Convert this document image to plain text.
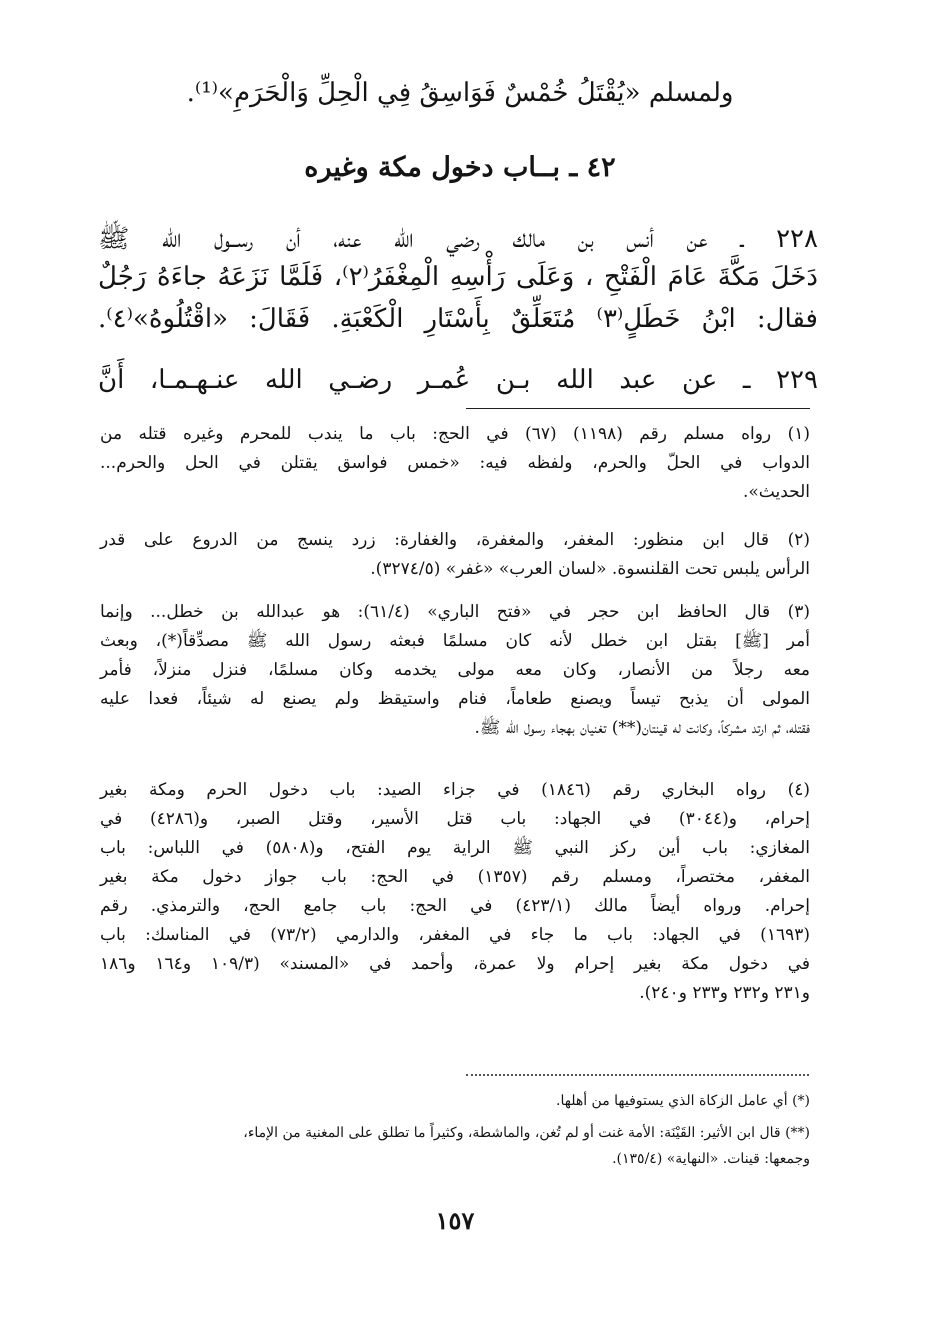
ولمسلم «يُقْتَلُ خُمْسٌ فَوَاسِقُ فِي الْحِلِّ وَالْحَرَمِ»⁽¹⁾.
٤٢ ـ بــاب دخول مكة وغيره
٢٢٨ ـ عن أنس بن مالك رضي الله عنه، أن رســول الله ﷺ
دَخَلَ مَكَّةَ عَامَ الْفَتْحِ ، وَعَلَى رَأْسِهِ الْمِغْفَرُ⁽٢⁾، فَلَمَّا نَزَعَهُ جاءَهُ رَجُلٌ
فقال: ابْنُ خَطَلٍ⁽٣⁾ مُتَعَلِّقٌ بِأَسْتَارِ الْكَعْبَةِ. فَقَالَ: «اقْتُلُوهُ»⁽٤⁾.
٢٢٩ ـ عن عبد الله بـن عُمـر رضـي الله عنـهـمـا، أَنَّ
(١) رواه مسلم رقم (١١٩٨) (٦٧) في الحج: باب ما يندب للمحرم وغيره قتله من
الدواب في الحلّ والحرم، ولفظه فيه: «خمس فواسق يقتلن في الحل والحرم...
الحديث».
(٢) قال ابن منظور: المغفر، والمغفرة، والغفارة: زرد ينسج من الدروع على قدر
الرأس يلبس تحت القلنسوة. «لسان العرب» «غفر» (٣٢٧٤/٥).
(٣) قال الحافظ ابن حجر في «فتح الباري» (٦١/٤): هو عبدالله بن خطل... وإنما
أمر [ﷺ] بقتل ابن خطل لأنه كان مسلمًا فبعثه رسول الله ﷺ مصدِّقاً(*)، وبعث
معه رجلاً من الأنصار، وكان معه مولى يخدمه وكان مسلمًا، فنزل منزلاً، فأمر
المولى أن يذبح تيساً ويصنع طعاماً، فنام واستيقظ ولم يصنع له شيئاً، فعدا عليه
فقتله، ثم ارتد مشركاً، وكانت له قينتان(**) تغنيان بهجاء رسول الله ﷺ.
(٤) رواه البخاري رقم (١٨٤٦) في جزاء الصيد: باب دخول الحرم ومكة بغير
إحرام، و(٣٠٤٤) في الجهاد: باب قتل الأسير، وقتل الصبر، و(٤٢٨٦) في
المغازي: باب أين ركز النبي ﷺ الراية يوم الفتح، و(٥٨٠٨) في اللباس: باب
المغفر، مختصراً، ومسلم رقم (١٣٥٧) في الحج: باب جواز دخول مكة بغير
إحرام. ورواه أيضاً مالك (٤٢٣/١) في الحج: باب جامع الحج، والترمذي. رقم
(١٦٩٣) في الجهاد: باب ما جاء في المغفر، والدارمي (٧٣/٢) في المناسك: باب
في دخول مكة بغير إحرام ولا عمرة، وأحمد في «المسند» (١٠٩/٣ و١٦٤ و١٨٦
و٢٣١ و٢٣٢ و٢٣٣ و٢٤٠).
(*) أي عامل الزكاة الذي يستوفيها من أهلها.
(**) قال ابن الأثير: القَيْنَة: الأمة غنت أو لم تُغن، والماشطة، وكثيراً ما تطلق على المغنية من الإماء،
وجمعها: قينات. «النهاية» (١٣٥/٤).
١٥٧
